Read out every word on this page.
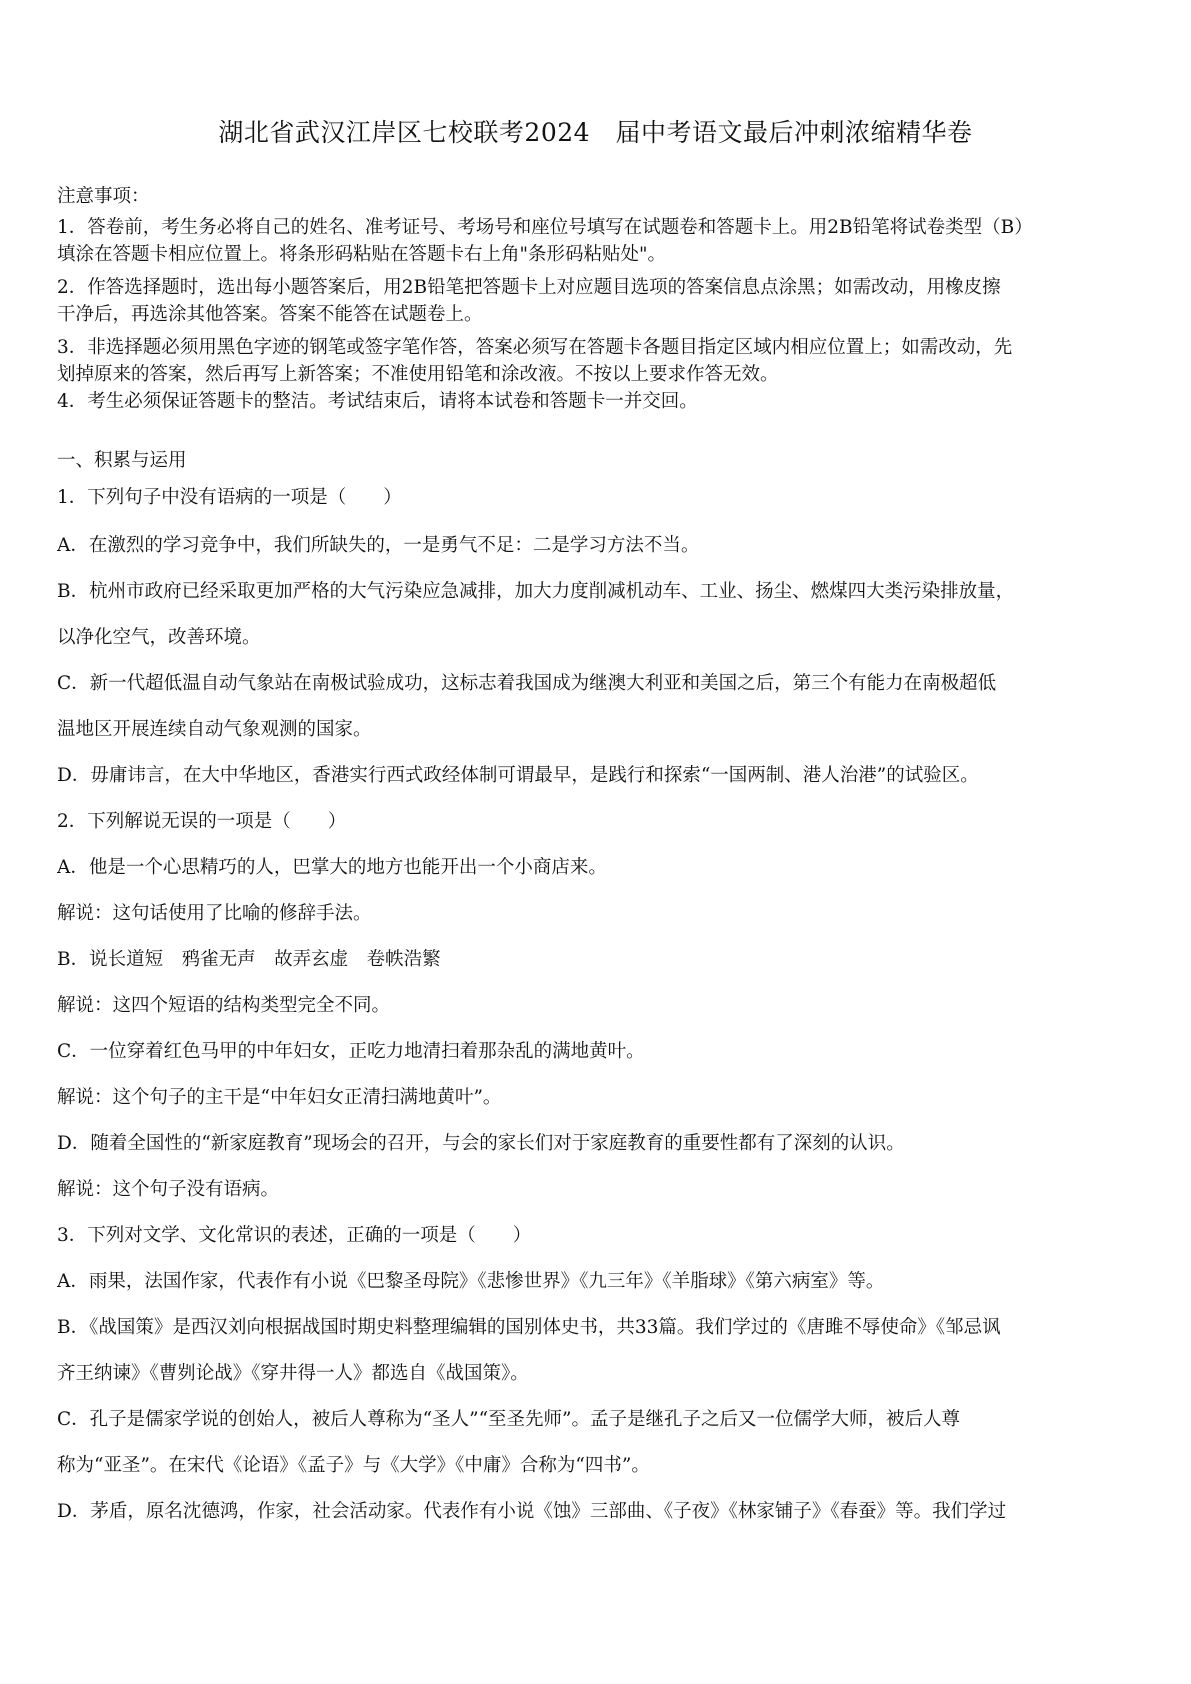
湖北省武汉江岸区七校联考2024　届中考语文最后冲刺浓缩精华卷
注意事项：
1．答卷前，考生务必将自己的姓名、准考证号、考场号和座位号填写在试题卷和答题卡上。用2B铅笔将试卷类型（B）
填涂在答题卡相应位置上。将条形码粘贴在答题卡右上角"条形码粘贴处"。
2．作答选择题时，选出每小题答案后，用2B铅笔把答题卡上对应题目选项的答案信息点涂黑；如需改动，用橡皮擦
干净后，再选涂其他答案。答案不能答在试题卷上。
3．非选择题必须用黑色字迹的钢笔或签字笔作答，答案必须写在答题卡各题目指定区域内相应位置上；如需改动，先
划掉原来的答案，然后再写上新答案；不准使用铅笔和涂改液。不按以上要求作答无效。
4．考生必须保证答题卡的整洁。考试结束后，请将本试卷和答题卡一并交回。
一、积累与运用
1．下列句子中没有语病的一项是（　　）
A．在激烈的学习竞争中，我们所缺失的，一是勇气不足：二是学习方法不当。
B．杭州市政府已经采取更加严格的大气污染应急减排，加大力度削减机动车、工业、扬尘、燃煤四大类污染排放量，
以净化空气，改善环境。
C．新一代超低温自动气象站在南极试验成功，这标志着我国成为继澳大利亚和美国之后，第三个有能力在南极超低
温地区开展连续自动气象观测的国家。
D．毋庸讳言，在大中华地区，香港实行西式政经体制可谓最早，是践行和探索“一国两制、港人治港”的试验区。
2．下列解说无误的一项是（　　）
A．他是一个心思精巧的人，巴掌大的地方也能开出一个小商店来。
解说：这句话使用了比喻的修辞手法。
B．说长道短　鸦雀无声　故弄玄虚　卷帙浩繁
解说：这四个短语的结构类型完全不同。
C．一位穿着红色马甲的中年妇女，正吃力地清扫着那杂乱的满地黄叶。
解说：这个句子的主干是“中年妇女正清扫满地黄叶”。
D．随着全国性的“新家庭教育”现场会的召开，与会的家长们对于家庭教育的重要性都有了深刻的认识。
解说：这个句子没有语病。
3．下列对文学、文化常识的表述，正确的一项是（　　）
A．雨果，法国作家，代表作有小说《巴黎圣母院》《悲惨世界》《九三年》《羊脂球》《第六病室》等。
B．《战国策》是西汉刘向根据战国时期史料整理编辑的国别体史书，共33篇。我们学过的《唐雎不辱使命》《邹忌讽
齐王纳谏》《曹刿论战》《穿井得一人》都选自《战国策》。
C．孔子是儒家学说的创始人，被后人尊称为“圣人”“至圣先师”。孟子是继孔子之后又一位儒学大师，被后人尊
称为“亚圣”。在宋代《论语》《孟子》与《大学》《中庸》合称为“四书”。
D．茅盾，原名沈德鸿，作家，社会活动家。代表作有小说《蚀》三部曲、《子夜》《林家铺子》《春蚕》等。我们学过
